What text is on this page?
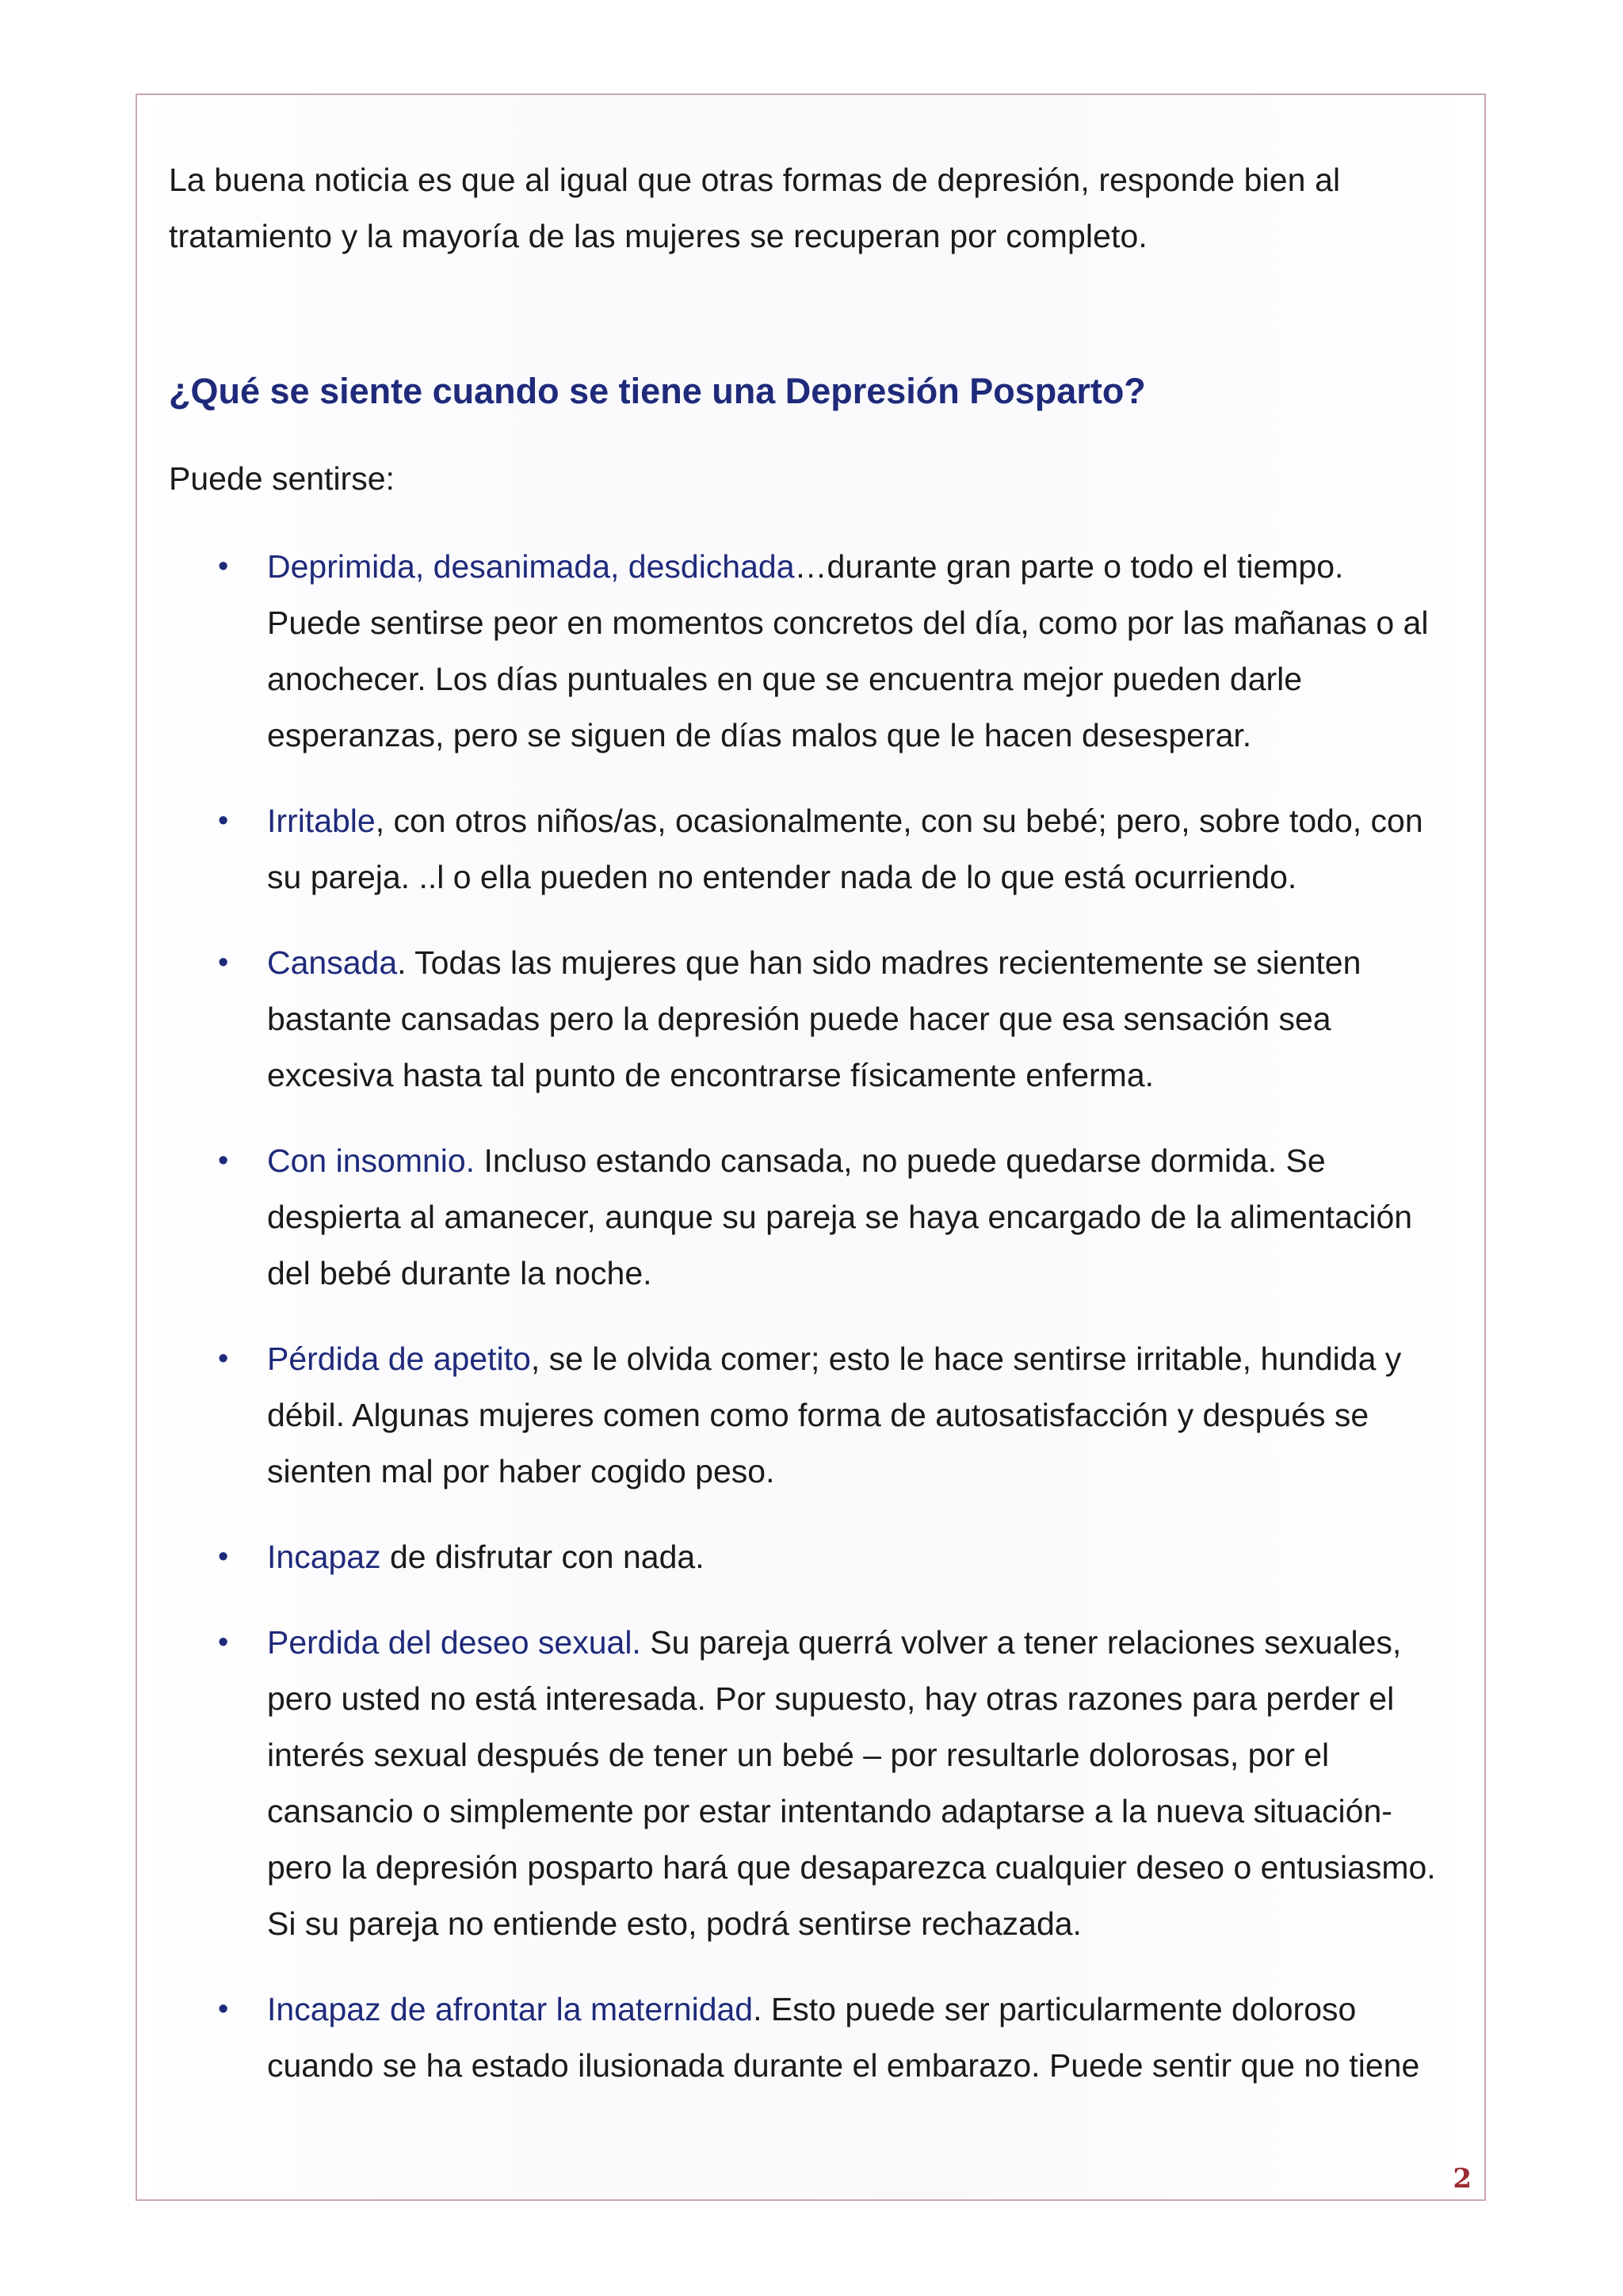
La buena noticia es que al igual que otras formas de depresión, responde bien al tratamiento y la mayoría de las mujeres se recuperan por completo.

¿Qué se siente cuando se tiene una Depresión Posparto?

Puede sentirse:

• Deprimida, desanimada, desdichada…durante gran parte o todo el tiempo. Puede sentirse peor en momentos concretos del día, como por las mañanas o al anochecer. Los días puntuales en que se encuentra mejor pueden darle esperanzas, pero se siguen de días malos que le hacen desesperar.
• Irritable, con otros niños/as, ocasionalmente, con su bebé; pero, sobre todo, con su pareja. ..l o ella pueden no entender nada de lo que está ocurriendo.
• Cansada. Todas las mujeres que han sido madres recientemente se sienten bastante cansadas pero la depresión puede hacer que esa sensación sea excesiva hasta tal punto de encontrarse físicamente enferma.
• Con insomnio. Incluso estando cansada, no puede quedarse dormida. Se despierta al amanecer, aunque su pareja se haya encargado de la alimentación del bebé durante la noche.
• Pérdida de apetito, se le olvida comer; esto le hace sentirse irritable, hundida y débil. Algunas mujeres comen como forma de autosatisfacción y después se sienten mal por haber cogido peso.
• Incapaz de disfrutar con nada.
• Perdida del deseo sexual. Su pareja querrá volver a tener relaciones sexuales, pero usted no está interesada. Por supuesto, hay otras razones para perder el interés sexual después de tener un bebé – por resultarle dolorosas, por el cansancio o simplemente por estar intentando adaptarse a la nueva situación- pero la depresión posparto hará que desaparezca cualquier deseo o entusiasmo. Si su pareja no entiende esto, podrá sentirse rechazada.
• Incapaz de afrontar la maternidad. Esto puede ser particularmente doloroso cuando se ha estado ilusionada durante el embarazo. Puede sentir que no tiene
2
